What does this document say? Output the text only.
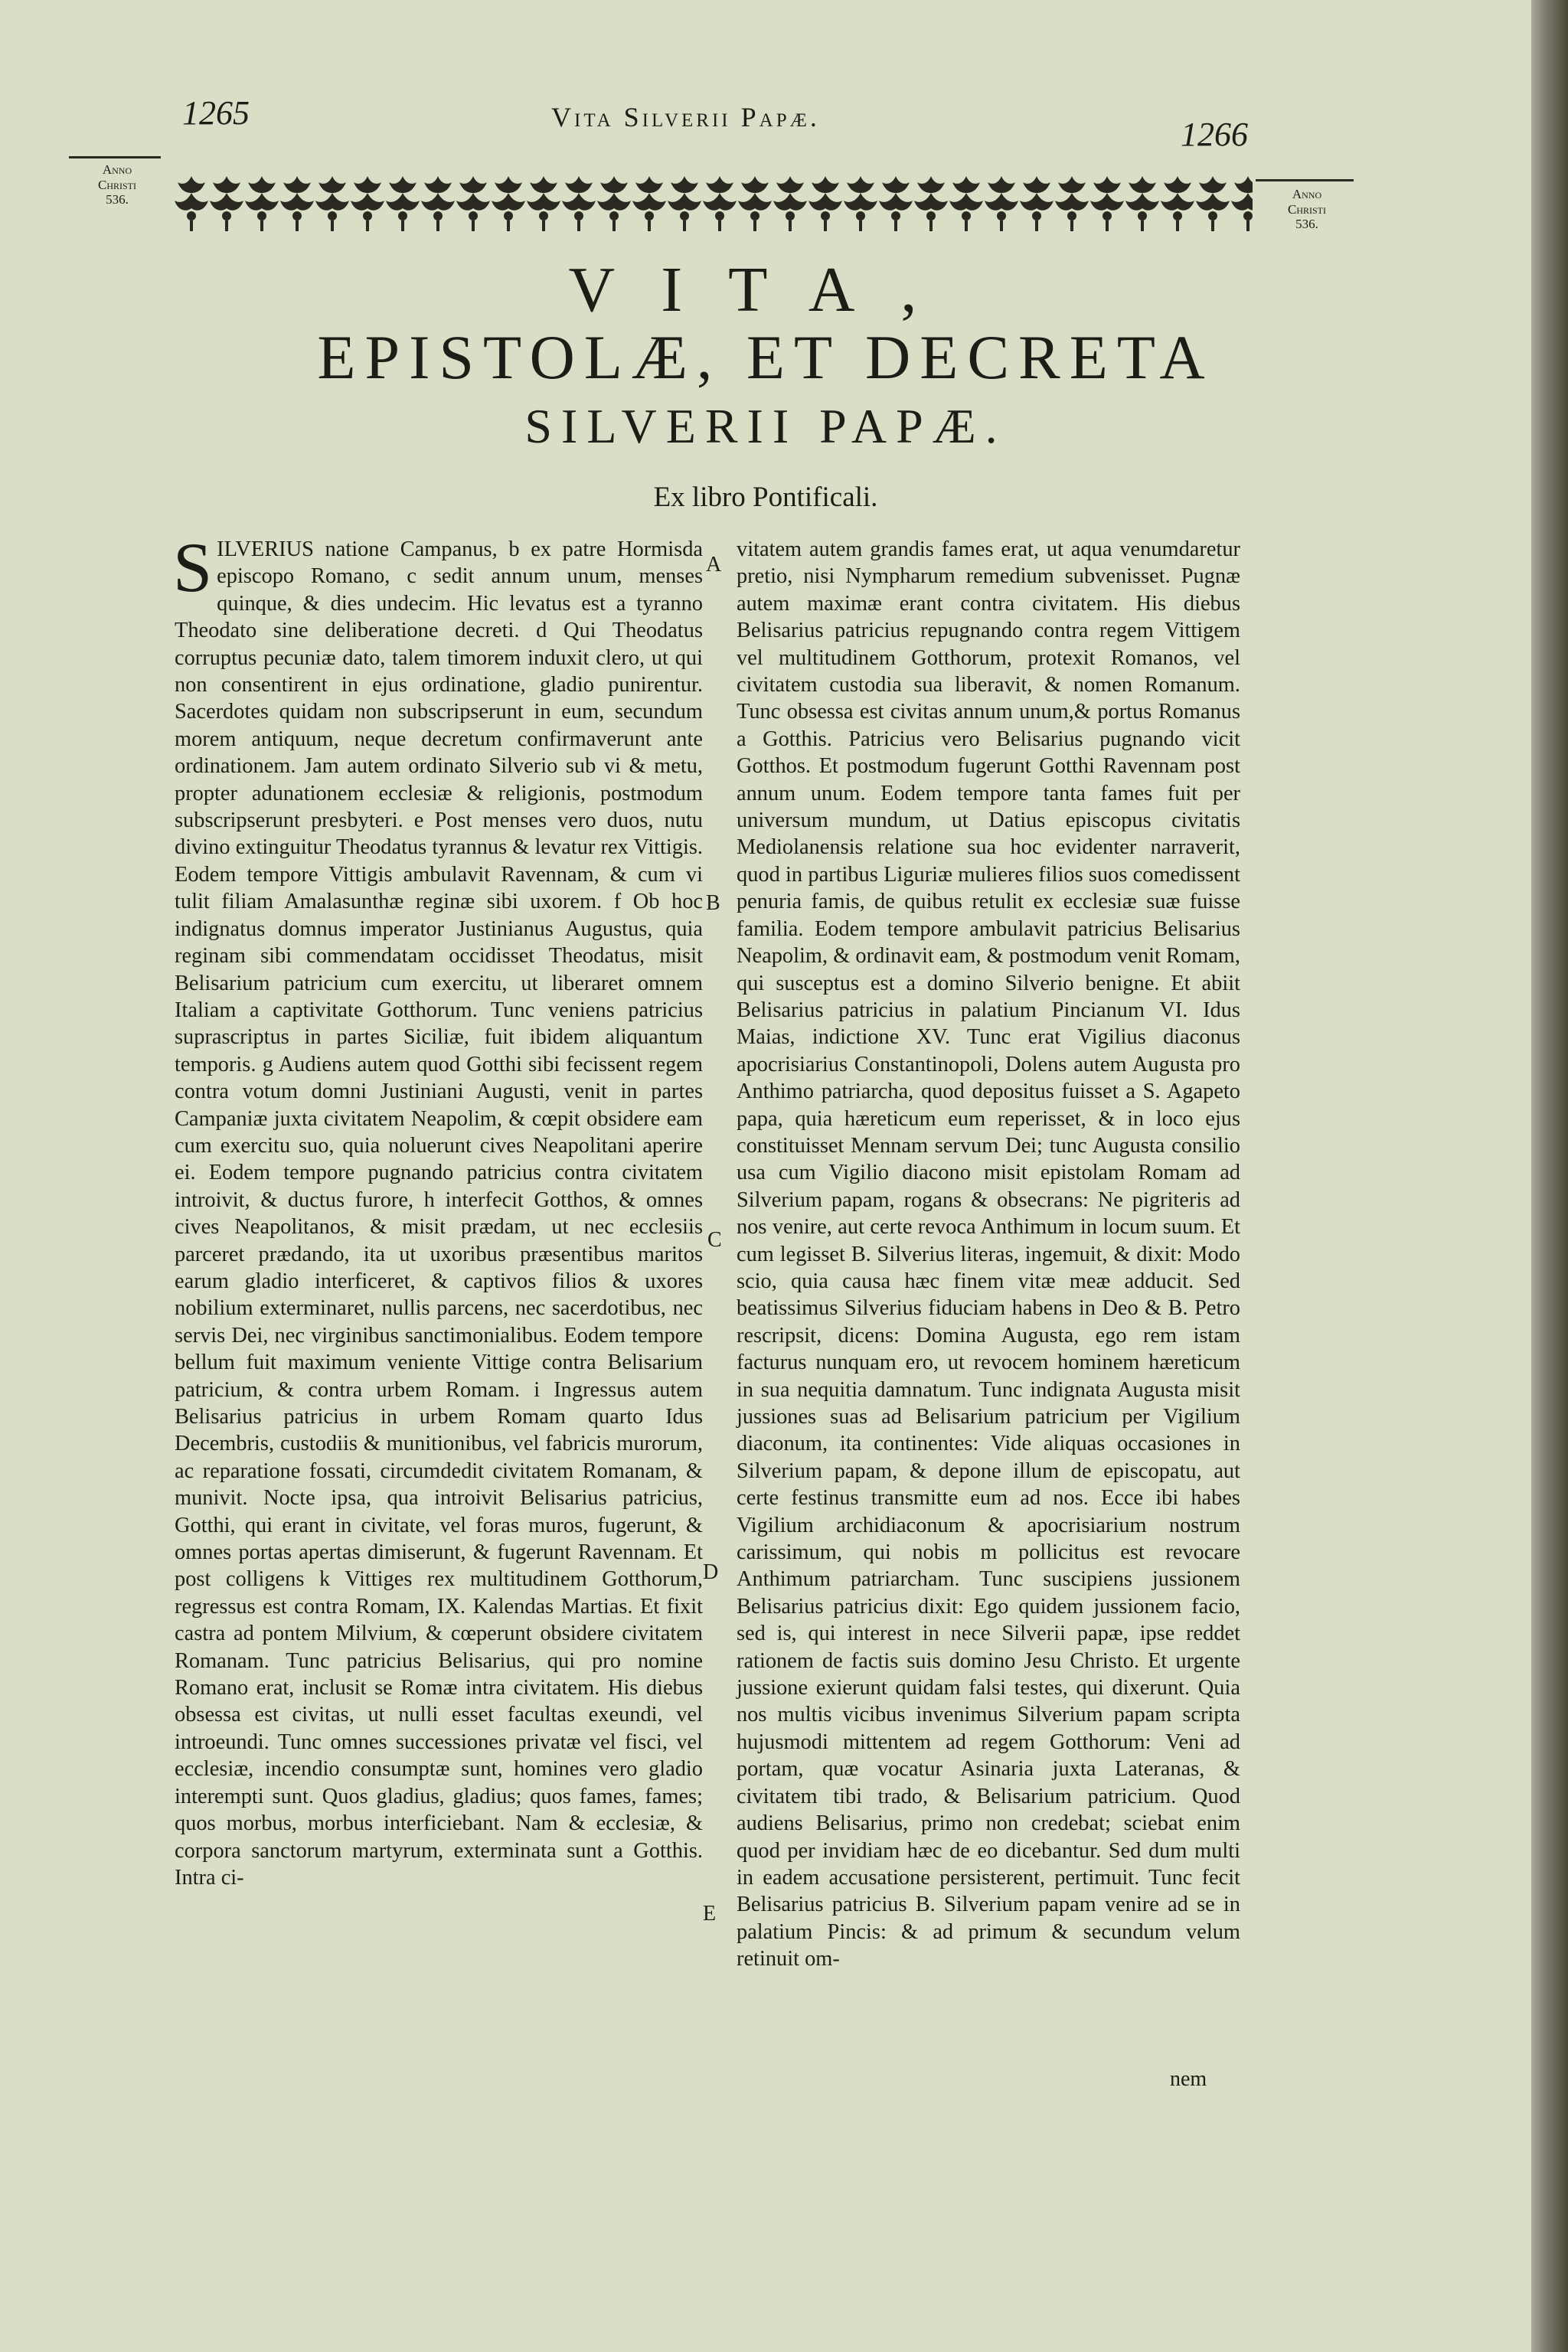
1265	Vita Silverii Papæ.	1266
Anno
Christi
536.	Anno
Christi
536.
VITA,
EPISTOLÆ, ET DECRETA
SILVERII PAPÆ.
Ex libro Pontificali.
S ILVERIUS natione Campanus, b ex patre Hormisda episcopo Romano, c sedit annum unum, menses quinque, & dies undecim. Hic levatus est a tyranno Theodato sine deliberatione decreti. d Qui Theodatus corruptus pecuniæ dato, talem timorem induxit clero, ut qui non consentirent in ejus ordinatione, gladio punirentur. Sacerdotes quidam non subscripserunt in eum, secundum morem antiquum, neque decretum confirmaverunt ante ordinationem. Jam autem ordinato Silverio sub vi & metu, propter adunationem ecclesiæ & religionis, postmodum subscripserunt presbyteri. e Post menses vero duos, nutu divino extinguitur Theodatus tyrannus & levatur rex Vittigis. Eodem tempore Vittigis ambulavit Ravennam, & cum vi tulit filiam Amalasunthæ reginæ sibi uxorem. f Ob hoc indignatus domnus imperator Justinianus Augustus, quia reginam sibi commendatam occidisset Theodatus, misit Belisarium patricium cum exercitu, ut liberaret omnem Italiam a captivitate Gotthorum. Tunc veniens patricius suprascriptus in partes Siciliæ, fuit ibidem aliquantum temporis. g Audiens autem quod Gotthi sibi fecissent regem contra votum domni Justiniani Augusti, venit in partes Campaniæ juxta civitatem Neapolim, & cœpit obsidere eam cum exercitu suo, quia noluerunt cives Neapolitani aperire ei. Eodem tempore pugnando patricius contra civitatem introivit, & ductus furore, h interfecit Gotthos, & omnes cives Neapolitanos, & misit prædam, ut nec ecclesiis parceret prædando, ita ut uxoribus præsentibus maritos earum gladio interficeret, & captivos filios & uxores nobilium exterminaret, nullis parcens, nec sacerdotibus, nec servis Dei, nec virginibus sanctimonialibus. Eodem tempore bellum fuit maximum veniente Vittige contra Belisarium patricium, & contra urbem Romam. i Ingressus autem Belisarius patricius in urbem Romam quarto Idus Decembris, custodiis & munitionibus, vel fabricis murorum, ac reparatione fossati, circumdedit civitatem Romanam, & munivit. Nocte ipsa, qua introivit Belisarius patricius, Gotthi, qui erant in civitate, vel foras muros, fugerunt, & omnes portas apertas dimiserunt, & fugerunt Ravennam. Et post colligens k Vittiges rex multitudinem Gotthorum, regressus est contra Romam, IX. Kalendas Martias. Et fixit castra ad pontem Milvium, & cœperunt obsidere civitatem Romanam. Tunc patricius Belisarius, qui pro nomine Romano erat, inclusit se Romæ intra civitatem. His diebus obsessa est civitas, ut nulli esset facultas exeundi, vel introeundi. Tunc omnes successiones privatæ vel fisci, vel ecclesiæ, incendio consumptæ sunt, homines vero gladio interempti sunt. Quos gladius, gladius; quos fames, fames; quos morbus, morbus interficiebant. Nam & ecclesiæ, & corpora sanctorum martyrum, exterminata sunt a Gotthis. Intra ci-

A
B
C
D
E

vitatem autem grandis fames erat, ut aqua venumdaretur pretio, nisi Nympharum remedium subvenisset. Pugnæ autem maximæ erant contra civitatem. His diebus Belisarius patricius repugnando contra regem Vittigem vel multitudinem Gotthorum, protexit Romanos, vel civitatem custodia sua liberavit, & nomen Romanum. Tunc obsessa est civitas annum unum,& portus Romanus a Gotthis. Patricius vero Belisarius pugnando vicit Gotthos. Et postmodum fugerunt Gotthi Ravennam post annum unum. Eodem tempore tanta fames fuit per universum mundum, ut Datius episcopus civitatis Mediolanensis relatione sua hoc evidenter narraverit, quod in partibus Liguriæ mulieres filios suos comedissent penuria famis, de quibus retulit ex ecclesiæ suæ fuisse familia. Eodem tempore ambulavit patricius Belisarius Neapolim, & ordinavit eam, & postmodum venit Romam, qui susceptus est a domino Silverio benigne. Et abiit Belisarius patricius in palatium Pincianum VI. Idus Maias, indictione XV. Tunc erat Vigilius diaconus apocrisiarius Constantinopoli, Dolens autem Augusta pro Anthimo patriarcha, quod depositus fuisset a S. Agapeto papa, quia hæreticum eum reperisset, & in loco ejus constituisset Mennam servum Dei; tunc Augusta consilio usa cum Vigilio diacono misit epistolam Romam ad Silverium papam, rogans & obsecrans: Ne pigriteris ad nos venire, aut certe revoca Anthimum in locum suum. Et cum legisset B. Silverius literas, ingemuit, & dixit: Modo scio, quia causa hæc finem vitæ meæ adducit. Sed beatissimus Silverius fiduciam habens in Deo & B. Petro rescripsit, dicens: Domina Augusta, ego rem istam facturus nunquam ero, ut revocem hominem hæreticum in sua nequitia damnatum. Tunc indignata Augusta misit jussiones suas ad Belisarium patricium per Vigilium diaconum, ita continentes: Vide aliquas occasiones in Silverium papam, & depone illum de episcopatu, aut certe festinus transmitte eum ad nos. Ecce ibi habes Vigilium archidiaconum & apocrisiarium nostrum carissimum, qui nobis m pollicitus est revocare Anthimum patriarcham. Tunc suscipiens jussionem Belisarius patricius dixit: Ego quidem jussionem facio, sed is, qui interest in nece Silverii papæ, ipse reddet rationem de factis suis domino Jesu Christo. Et urgente jussione exierunt quidam falsi testes, qui dixerunt. Quia nos multis vicibus invenimus Silverium papam scripta hujusmodi mittentem ad regem Gotthorum: Veni ad portam, quæ vocatur Asinaria juxta Lateranas, & civitatem tibi trado, & Belisarium patricium. Quod audiens Belisarius, primo non credebat; sciebat enim quod per invidiam hæc de eo dicebantur. Sed dum multi in eadem accusatione persisterent, pertimuit. Tunc fecit Belisarius patricius B. Silverium papam venire ad se in palatium Pincis: & ad primum & secundum velum retinuit om-

nem
